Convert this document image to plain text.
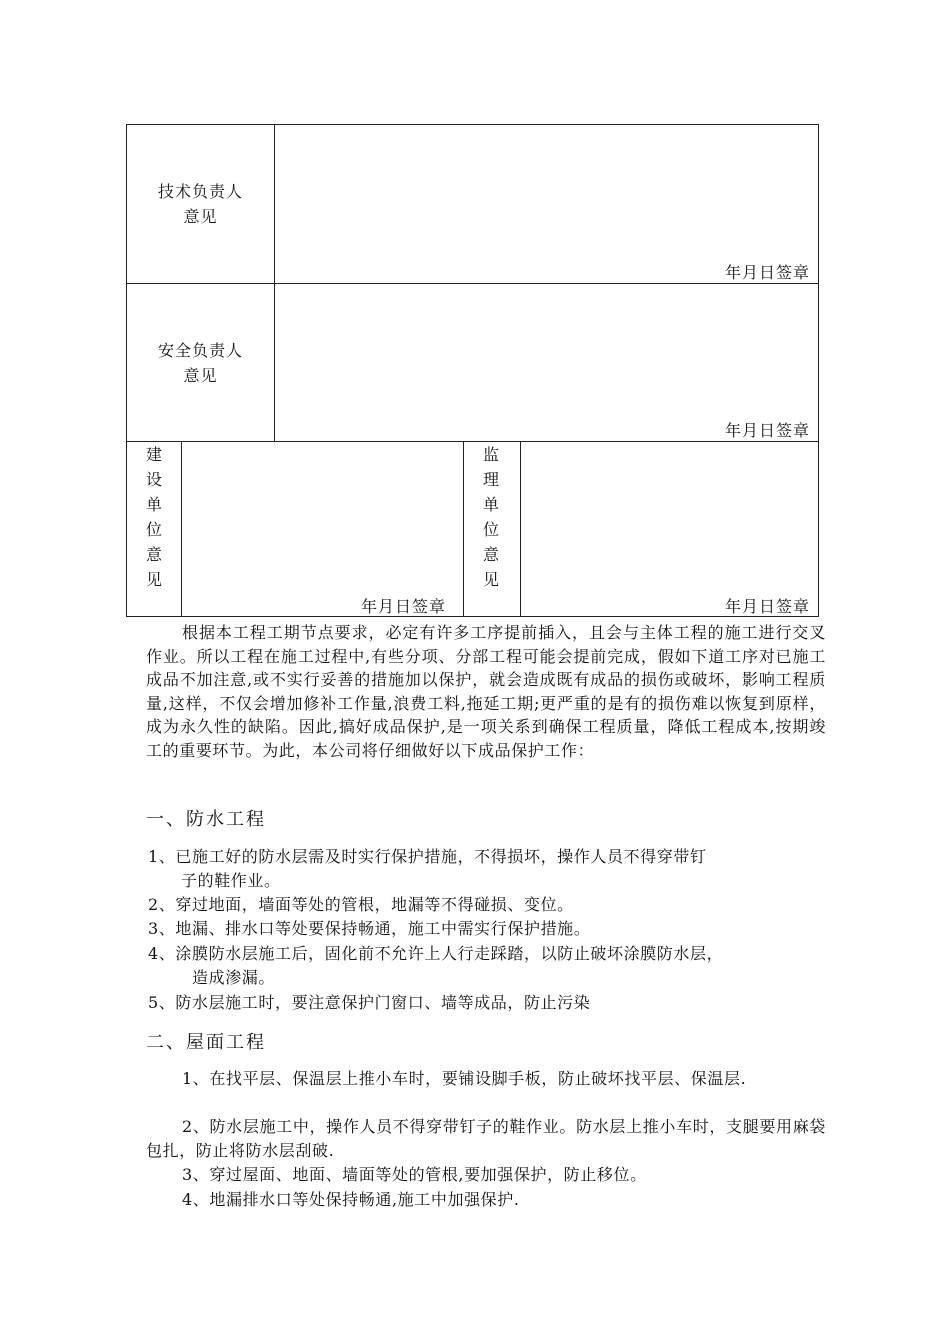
技术负责人
意见
年月日签章
安全负责人
意见
年月日签章
建
设
单
位
意
见
年月日签章
监
理
单
位
意
见
年月日签章
根据本工程工期节点要求，必定有许多工序提前插入，且会与主体工程的施工进行交叉作业。所以工程在施工过程中,有些分项、分部工程可能会提前完成，假如下道工序对已施工成品不加注意,或不实行妥善的措施加以保护，就会造成既有成品的损伤或破坏，影响工程质量,这样，不仅会增加修补工作量,浪费工料,拖延工期;更严重的是有的损伤难以恢复到原样，成为永久性的缺陷。因此,搞好成品保护,是一项关系到确保工程质量，降低工程成本,按期竣工的重要环节。为此，本公司将仔细做好以下成品保护工作：
一、防水工程
1、已施工好的防水层需及时实行保护措施，不得损坏，操作人员不得穿带钉
子的鞋作业。
2、穿过地面，墙面等处的管根，地漏等不得碰损、变位。
3、地漏、排水口等处要保持畅通，施工中需实行保护措施。
4、涂膜防水层施工后，固化前不允许上人行走踩踏，以防止破坏涂膜防水层，
造成渗漏。
5、防水层施工时，要注意保护门窗口、墙等成品，防止污染
二、屋面工程
1、在找平层、保温层上推小车时，要铺设脚手板，防止破坏找平层、保温层.
2、防水层施工中，操作人员不得穿带钉子的鞋作业。防水层上推小车时，支腿要用麻袋包扎，防止将防水层刮破.
3、穿过屋面、地面、墙面等处的管根,要加强保护，防止移位。
4、地漏排水口等处保持畅通,施工中加强保护.
